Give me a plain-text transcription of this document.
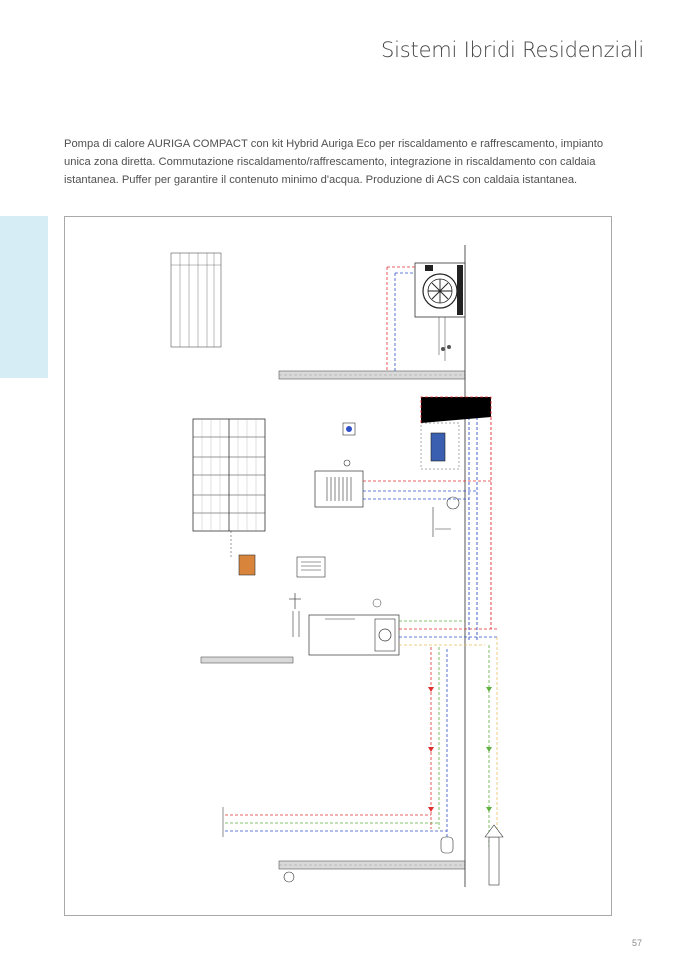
Sistemi Ibridi Residenziali
Pompa di calore AURIGA COMPACT con kit Hybrid Auriga Eco per riscaldamento e raffrescamento, impianto unica zona diretta. Commutazione riscaldamento/raffrescamento, integrazione in riscaldamento con caldaia istantanea. Puffer per garantire il contenuto minimo d'acqua. Produzione di ACS con caldaia istantanea.
57
